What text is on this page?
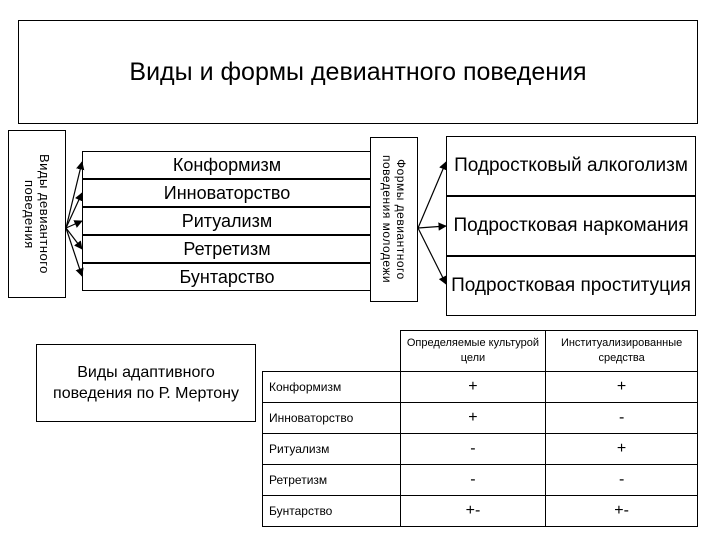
Виды и формы девиантного поведения
Виды девиантного
поведения
Конформизм
Инноваторство
Ритуализм
Ретретизм
Бунтарство
Формы девиантного
поведения молодежи
Подростковый алкоголизм
Подростковая наркомания
Подростковая проституция
Виды адаптивного поведения по Р. Мертону
	Определяемые культурой цели	Институализированные средства
Конформизм	+	+
Инноваторство	+	-
Ритуализм	-	+
Ретретизм	-	-
Бунтарство	+-	+-
